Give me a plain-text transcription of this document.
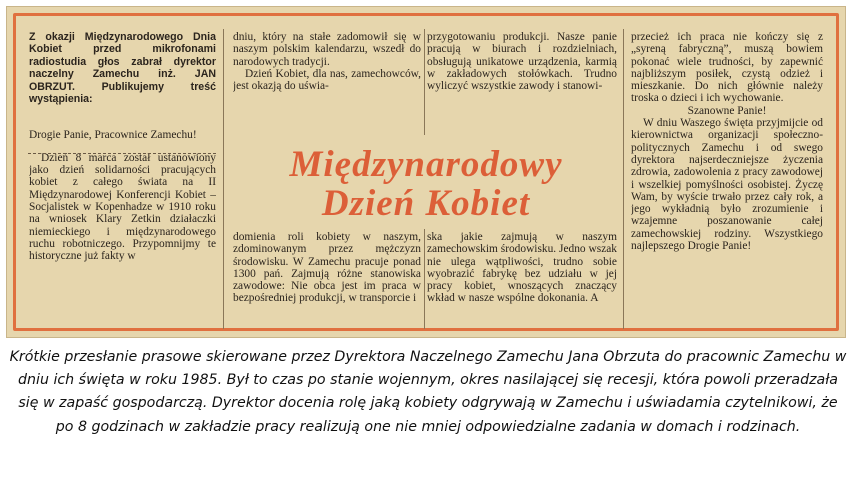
Z okazji Międzynarodowego Dnia Kobiet przed mikrofonami radiostudia głos zabrał dyrektor naczelny Zamechu inż. JAN OBRZUT. Publikujemy treść wystąpienia:

Drogie Panie, Pracownice Zamechu!

Dzień 8 marca został ustanowiony jako dzień solidarności pracujących kobiet z całego świata na II Międzynarodowej Konferencji Kobiet – Socjalistek w Kopenhadze w 1910 roku na wniosek Klary Zetkin działaczki niemieckiego i międzynarodowego ruchu robotniczego. Przypomnijmy te historyczne już fakty w

dniu, który na stałe zadomowił się w naszym polskim kalendarzu, wszedł do narodowych tradycji.

Dzień Kobiet, dla nas, zamechowców, jest okazją do uświa-

domienia roli kobiety w naszym, zdominowanym przez mężczyzn środowisku. W Zamechu pracuje ponad 1300 pań. Zajmują różne stanowiska zawodowe: Nie obca jest im praca w bezpośredniej produkcji, w transporcie i

przygotowaniu produkcji. Nasze panie pracują w biurach i rozdzielniach, obsługują unikatowe urządzenia, karmią w zakładowych stołówkach. Trudno wyliczyć wszystkie zawody i stanowi-

ska jakie zajmują w naszym zamechowskim środowisku. Jedno wszak nie ulega wątpliwości, trudno sobie wyobrazić fabrykę bez udziału w jej pracy kobiet, wnoszących znaczący wkład w nasze wspólne dokonania. A

przecież ich praca nie kończy się z „syreną fabryczną”, muszą bowiem pokonać wiele trudności, by zapewnić najbliższym posiłek, czystą odzież i mieszkanie. Do nich głównie należy troska o dzieci i ich wychowanie.

Szanowne Panie!

W dniu Waszego święta przyjmijcie od kierownictwa organizacji społeczno-politycznych Zamechu i od swego dyrektora najserdeczniejsze życzenia zdrowia, zadowolenia z pracy zawodowej i wszelkiej pomyślności osobistej. Życzę Wam, by wyście trwało przez cały rok, a jego wykładnią było zrozumienie i wzajemne poszanowanie całej zamechowskiej rodziny. Wszystkiego najlepszego Drogie Panie!

Międzynarodowy
Dzień Kobiet
Krótkie przesłanie prasowe skierowane przez Dyrektora Naczelnego Zamechu Jana Obrzuta do pracownic Zamechu w dniu ich święta w roku 1985. Był to czas po stanie wojennym, okres nasilającej się recesji, która powoli przeradzała się w zapaść gospodarczą. Dyrektor docenia rolę jaką kobiety odgrywają w Zamechu i uświadamia czytelnikowi, że po 8 godzinach w zakładzie pracy realizują one nie mniej odpowiedzialne zadania w domach i rodzinach.
